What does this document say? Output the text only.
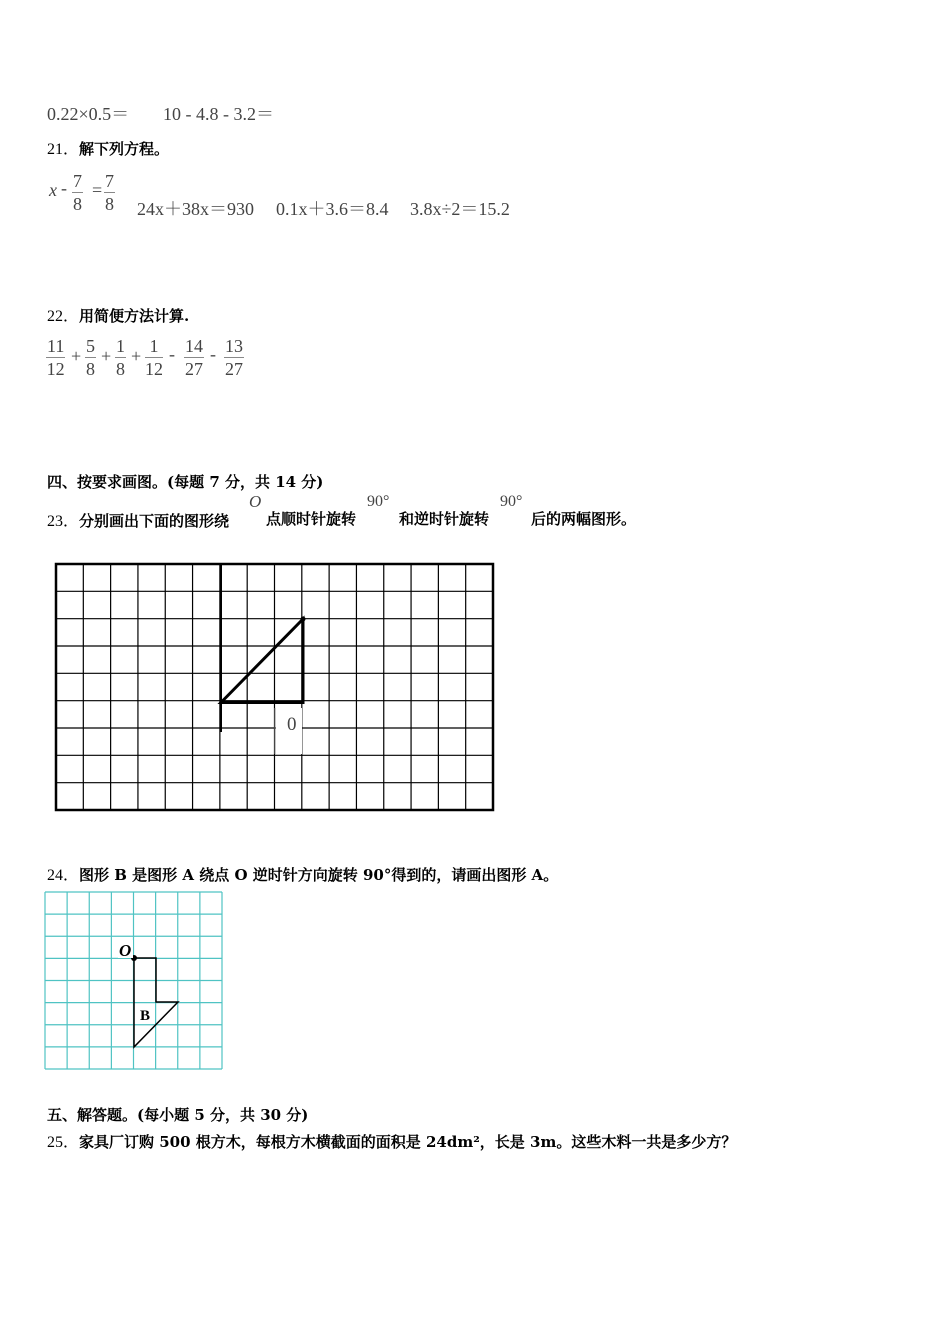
0.22×0.5＝ 10 - 4.8 - 3.2＝
21．解下列方程。
$x - \frac{7}{8} = \frac{7}{8} 24x+38x=930$ 0.1x＋3.6＝8.4 3.8x÷2＝15.2
22．用简便方法计算.
$\frac{11}{12} + \frac{5}{8} + \frac{1}{8} + \frac{1}{12} - \frac{14}{27} - \frac{13}{27}$
四、按要求画图。(每题 7 分，共 14 分)
23．分别画出下面的图形绕
O
点顺时针旋转
90°
和逆时针旋转
90°
后的两幅图形。
0
24．图形 B 是图形 A 绕点 O 逆时针方向旋转 90°得到的，请画出图形 A。
O
B
五、解答题。(每小题 5 分，共 30 分)
25．家具厂订购 500 根方木，每根方木横截面的面积是 24dm²，长是 3m。这些木料一共是多少方？
